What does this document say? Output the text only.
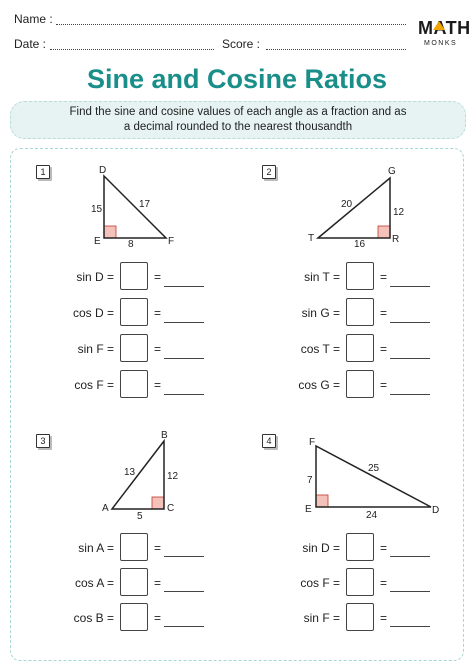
Name :
Date :	Score :
MATH
MONKS
Sine and Cosine Ratios
Find the sine and cosine values of each angle as a fraction and as
a decimal rounded to the nearest thousandth
1	D
E	F
15	17
8
sin D =	=
cos D =	=
sin F =	=
cos F =	=
2	G
T	R
20
12
16
sin T =	=
sin G =	=
cos T =	=
cos G =	=
3	B
A	C
13	12
5
sin A =	=
cos A =	=
cos B =	=
4	F
E	D
7
25
24
sin D =	=
cos F =	=
sin F =	=
